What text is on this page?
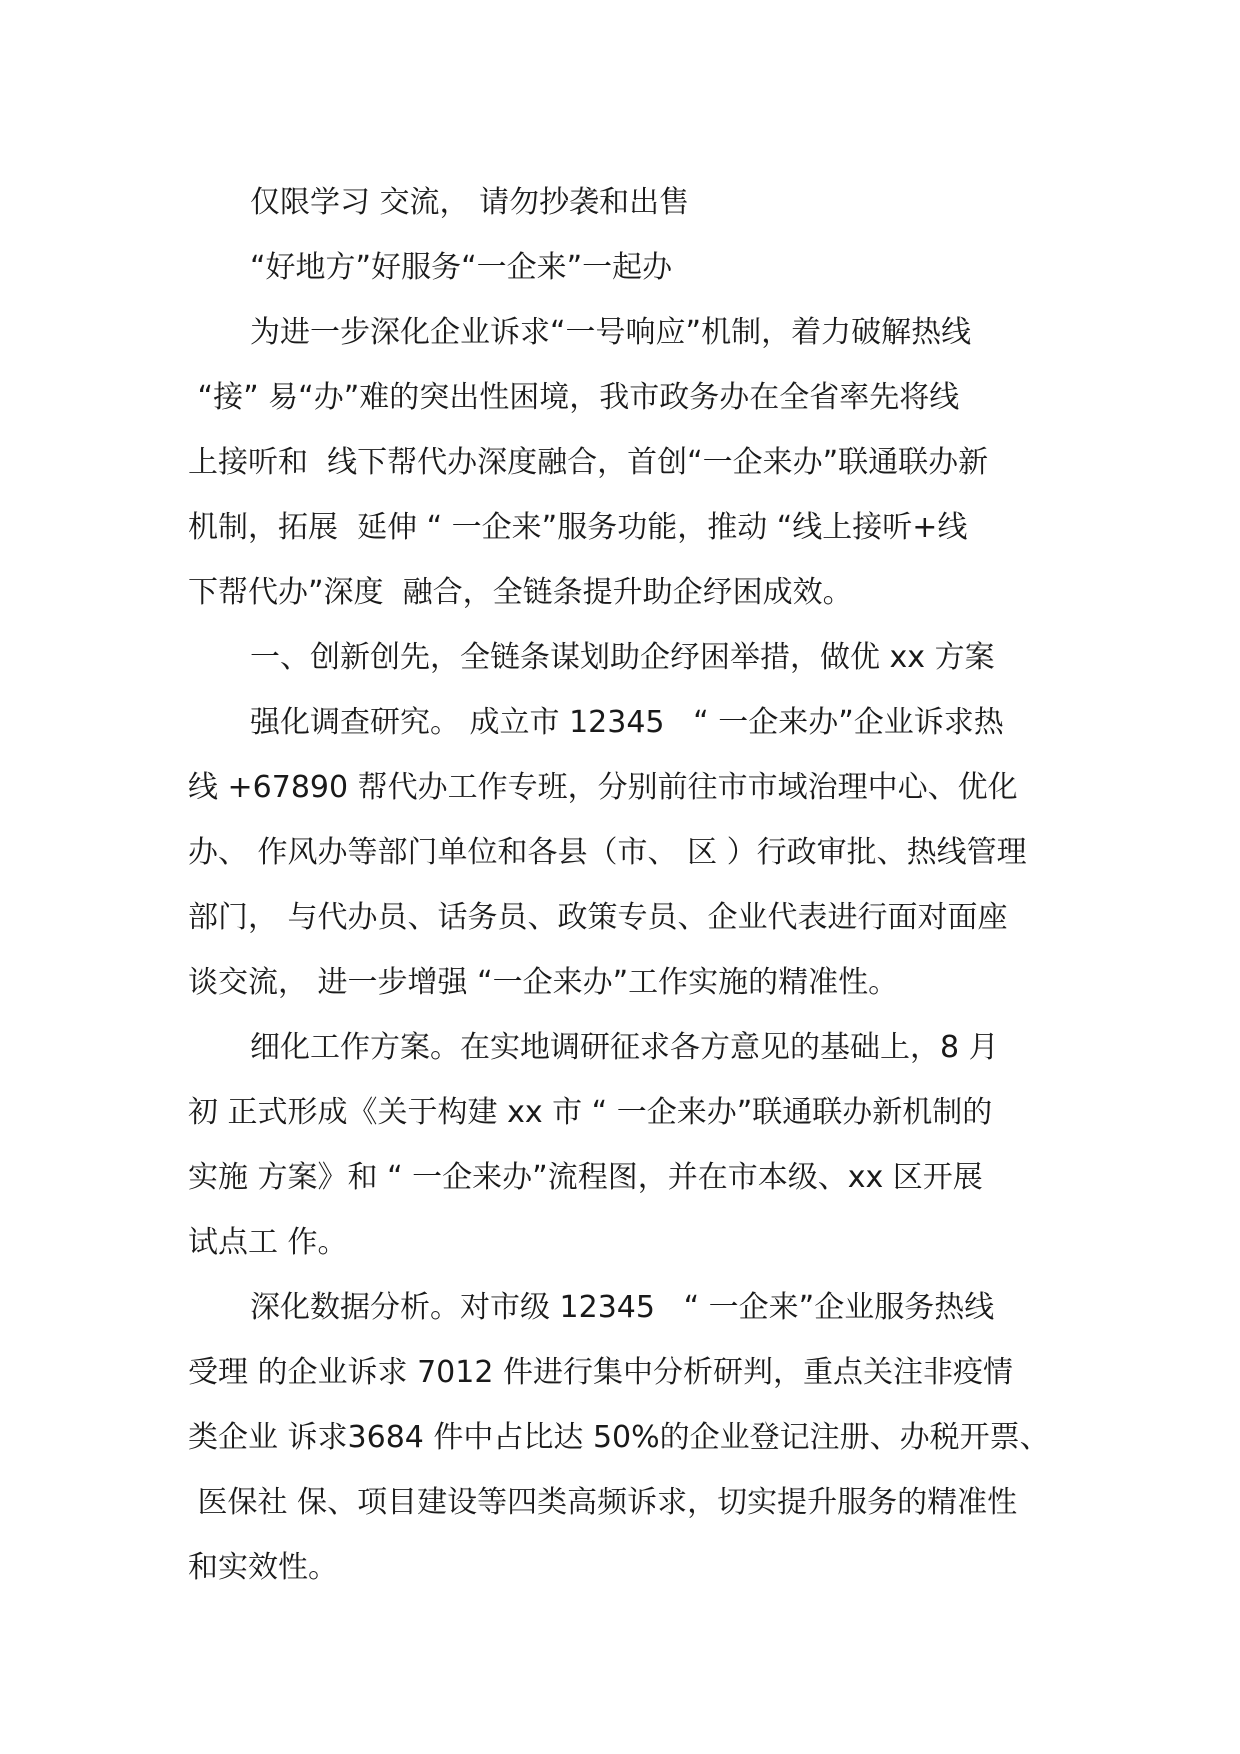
仅限学习 交流， 请勿抄袭和出售
“好地方”好服务“一企来”一起办
为进一步深化企业诉求“一号响应”机制，着力破解热线
“接” 易“办”难的突出性困境，我市政务办在全省率先将线
上接听和  线下帮代办深度融合，首创“一企来办”联通联办新
机制，拓展  延伸 “ 一企来”服务功能，推动 “线上接听+线
下帮代办”深度  融合，全链条提升助企纾困成效。
一、创新创先，全链条谋划助企纾困举措，做优 xx 方案
强化调查研究。 成立市 12345   “ 一企来办”企业诉求热
线 +67890 帮代办工作专班，分别前往市市域治理中心、优化
办、 作风办等部门单位和各县（市、 区 ）行政审批、热线管理
部门， 与代办员、话务员、政策专员、企业代表进行面对面座
谈交流， 进一步增强 “一企来办”工作实施的精准性。
细化工作方案。在实地调研征求各方意见的基础上，8 月
初 正式形成《关于构建 xx 市 “ 一企来办”联通联办新机制的
实施 方案》和 “ 一企来办”流程图，并在市本级、xx 区开展
试点工 作。
深化数据分析。对市级 12345   “ 一企来”企业服务热线
受理 的企业诉求 7012 件进行集中分析研判，重点关注非疫情
类企业 诉求3684 件中占比达 50%的企业登记注册、办税开票、
医保社 保、项目建设等四类高频诉求，切实提升服务的精准性
和实效性。
